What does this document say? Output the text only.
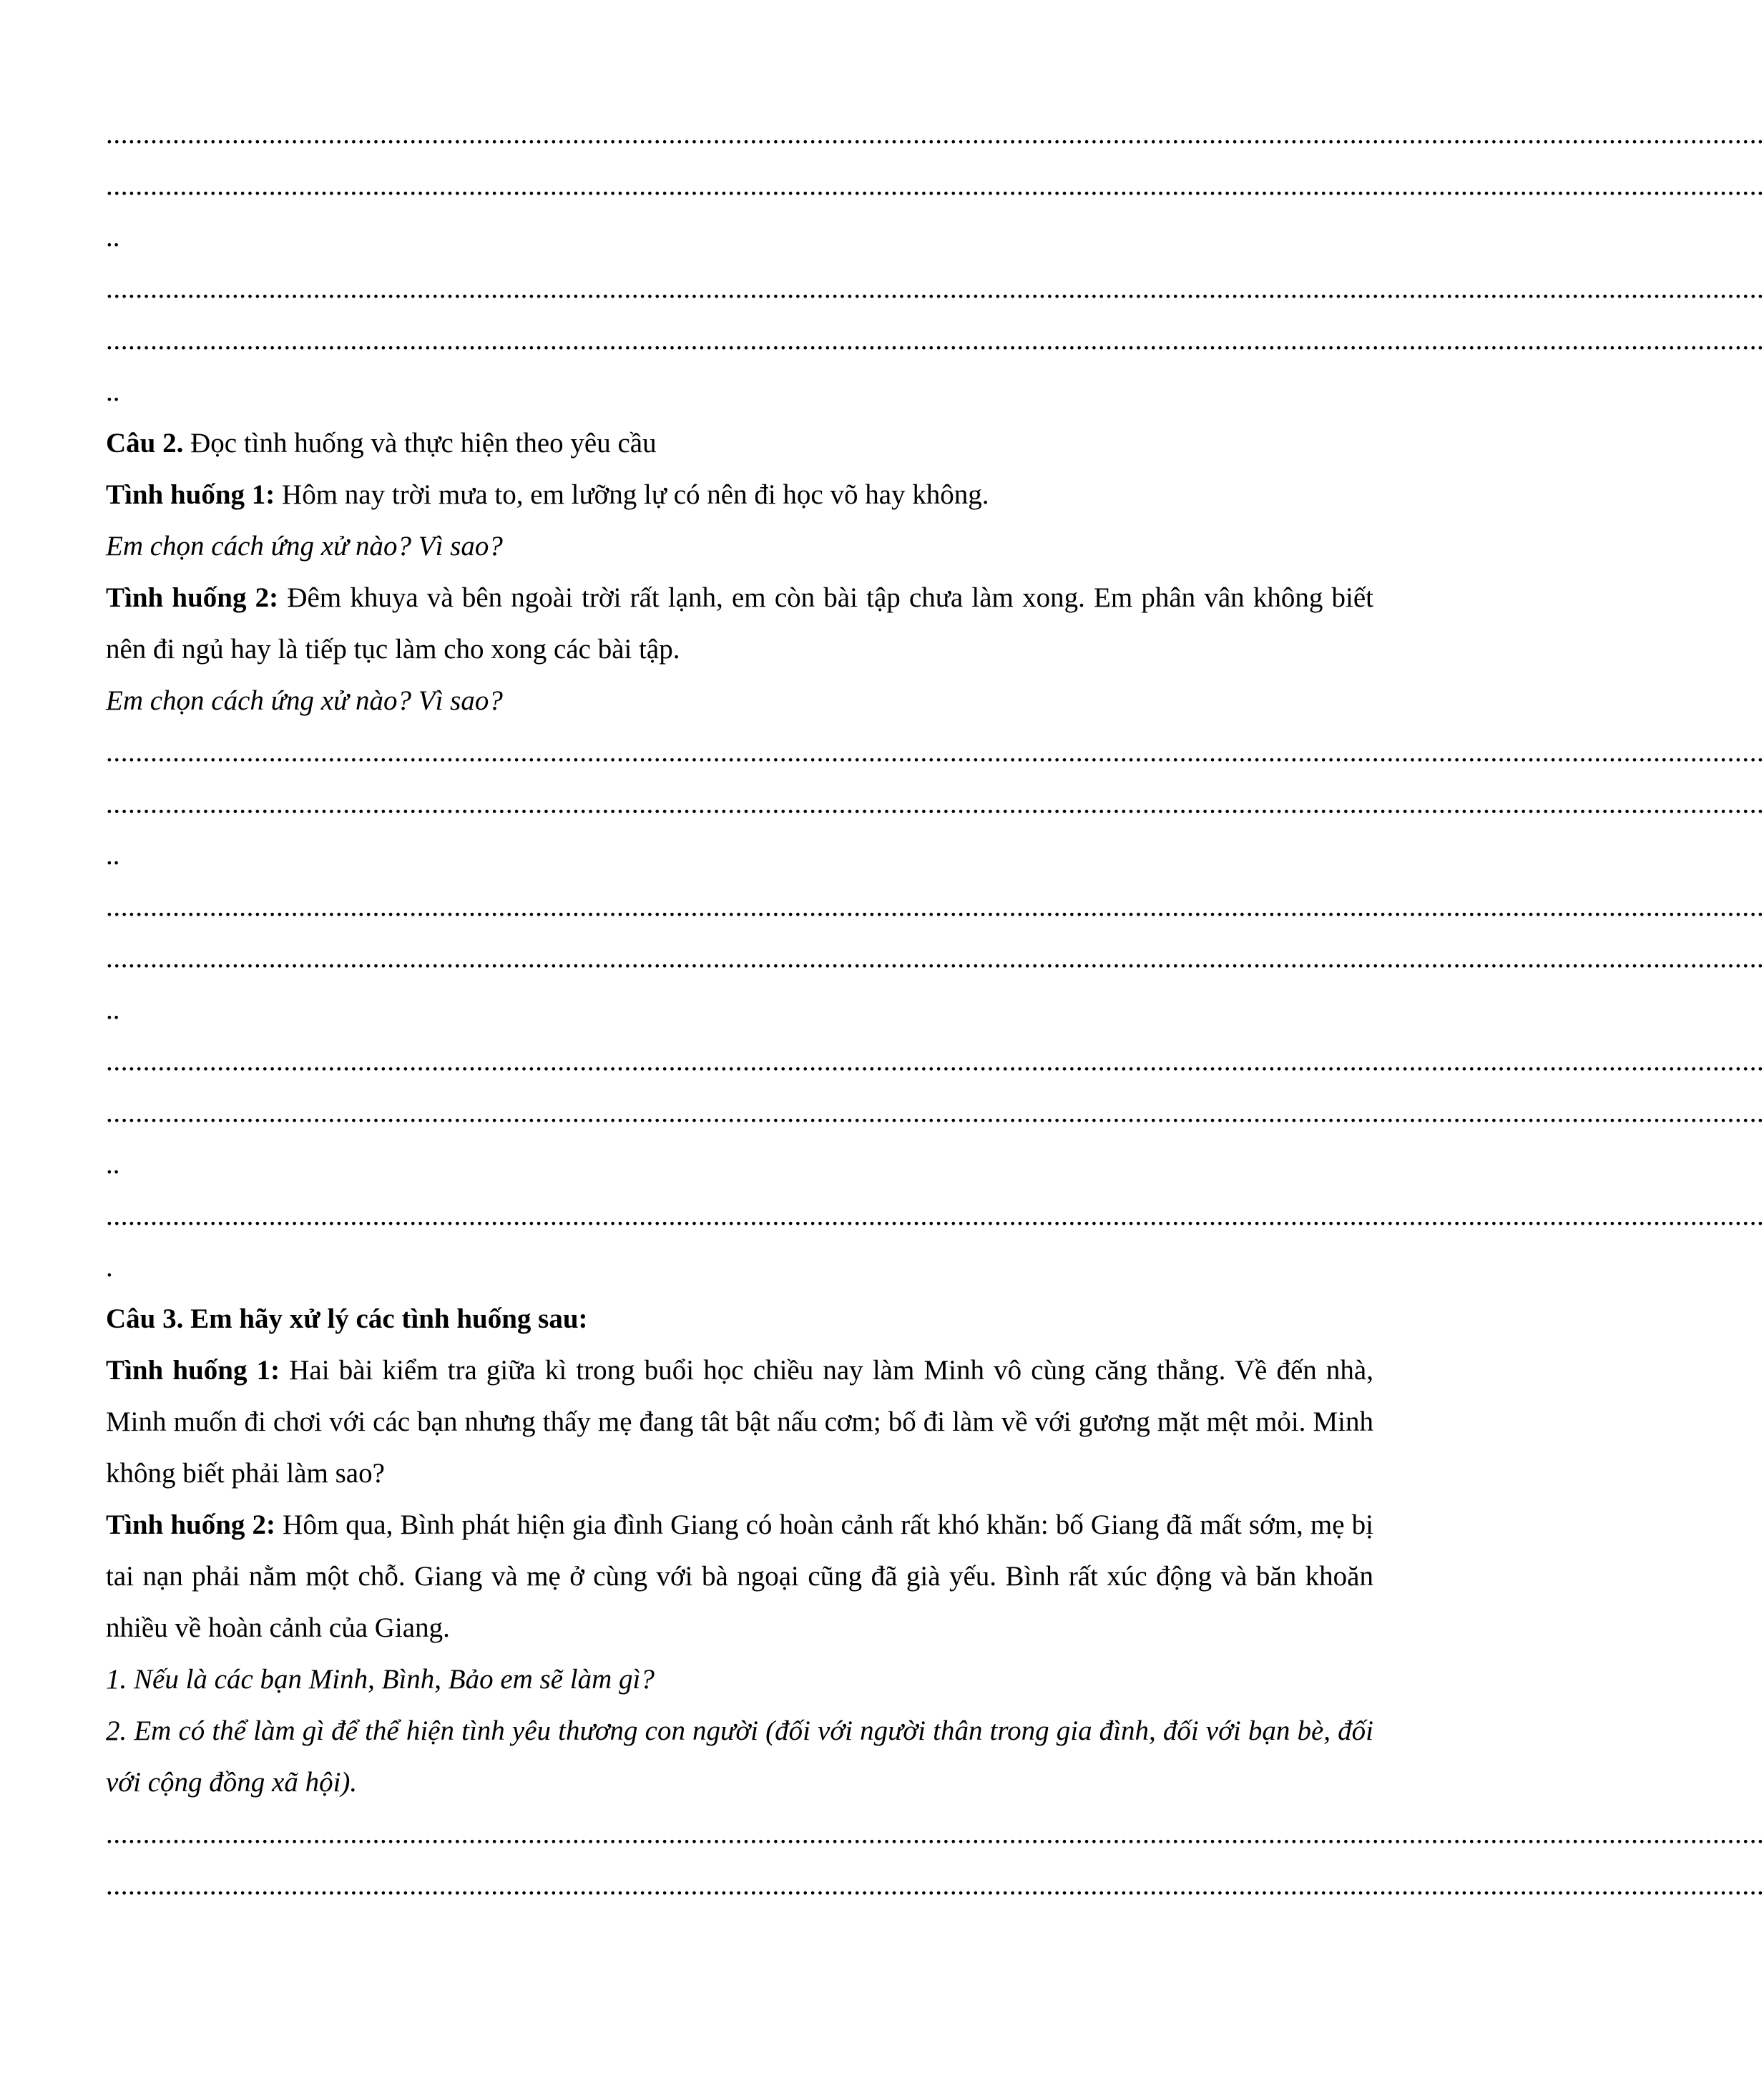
................................................................................................................................................................................................................................
................................................................................................................................................................................................................................
..
................................................................................................................................................................................................................................
................................................................................................................................................................................................................................
..
Câu 2. Đọc tình huống và thực hiện theo yêu cầu
Tình huống 1: Hôm nay trời mưa to, em lưỡng lự có nên đi học võ hay không.
Em chọn cách ứng xử nào? Vì sao?
Tình huống 2: Đêm khuya và bên ngoài trời rất lạnh, em còn bài tập chưa làm xong. Em phân vân không biết nên đi ngủ hay là tiếp tục làm cho xong các bài tập.
Em chọn cách ứng xử nào? Vì sao?
................................................................................................................................................................................................................................
................................................................................................................................................................................................................................
..
................................................................................................................................................................................................................................
................................................................................................................................................................................................................................
..
................................................................................................................................................................................................................................
................................................................................................................................................................................................................................
..
................................................................................................................................................................................................................................
.
Câu 3. Em hãy xử lý các tình huống sau:
Tình huống 1: Hai bài kiểm tra giữa kì trong buổi học chiều nay làm Minh vô cùng căng thẳng. Về đến nhà, Minh muốn đi chơi với các bạn nhưng thấy mẹ đang tât bật nấu cơm; bố đi làm về với gương mặt mệt mỏi. Minh không biết phải làm sao?
Tình huống 2: Hôm qua, Bình phát hiện gia đình Giang có hoàn cảnh rất khó khăn: bố Giang đã mất sớm, mẹ bị tai nạn phải nằm một chỗ. Giang và mẹ ở cùng với bà ngoại cũng đã già yếu. Bình rất xúc động và băn khoăn nhiều về hoàn cảnh của Giang.
1. Nếu là các bạn Minh, Bình, Bảo em sẽ làm gì?
2. Em có thể làm gì để thể hiện tình yêu thương con người (đối với người thân trong gia đình, đối với bạn bè, đối với cộng đồng xã hội).
................................................................................................................................................................................................................................
................................................................................................................................................................................................................................
